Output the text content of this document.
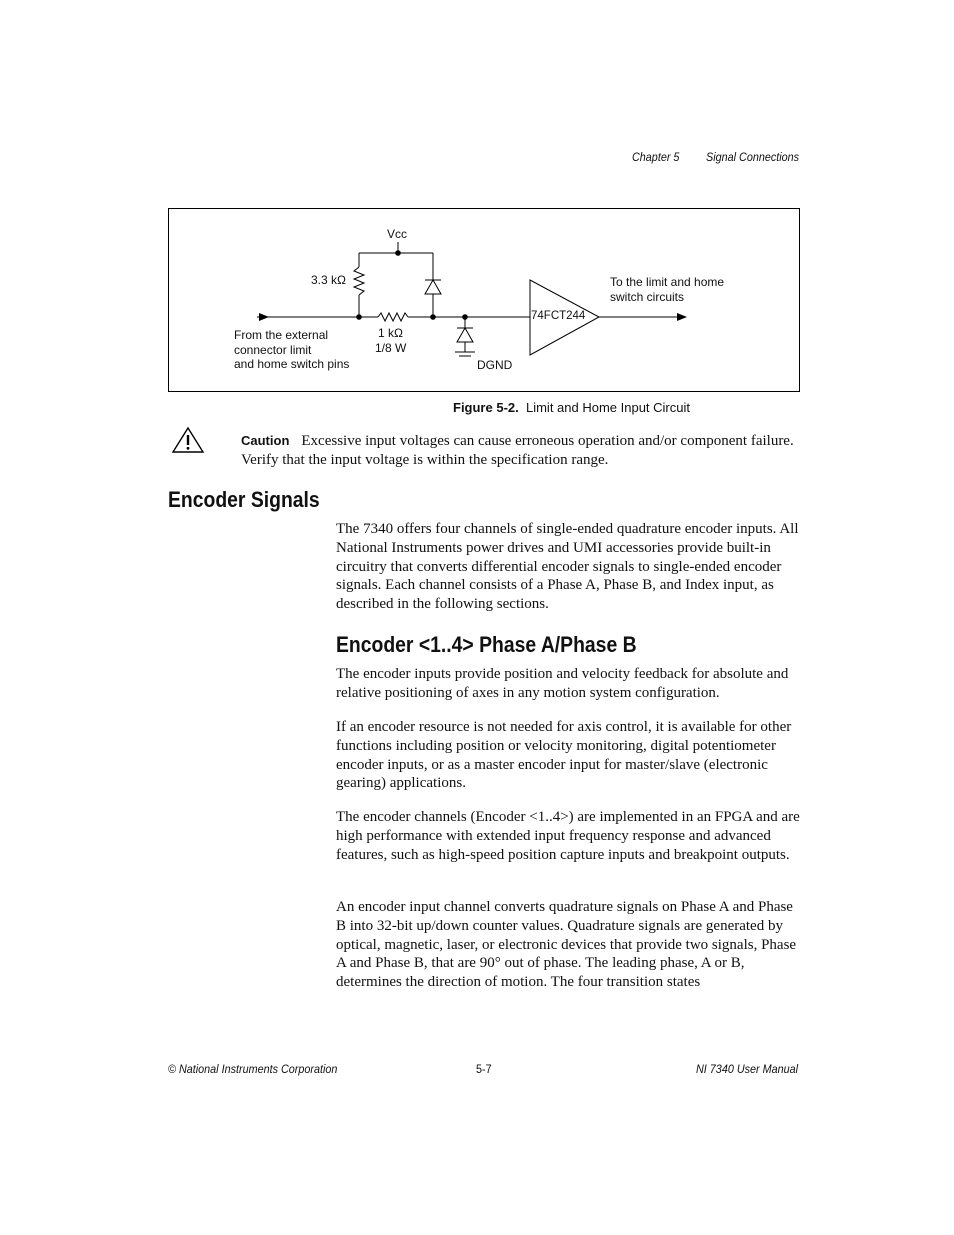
Chapter 5 Signal Connections
Vcc
3.3 kΩ
1 kΩ
1/8 W
DGND
74FCT244
To the limit and home
switch circuits
From the external
connector limit
and home switch pins
Figure 5-2. Limit and Home Input Circuit
Caution Excessive input voltages can cause erroneous operation and/or component failure. Verify that the input voltage is within the specification range.
Encoder Signals

The 7340 offers four channels of single-ended quadrature encoder inputs. All National Instruments power drives and UMI accessories provide built-in circuitry that converts differential encoder signals to single-ended encoder signals. Each channel consists of a Phase A, Phase B, and Index input, as described in the following sections.

Encoder <1..4> Phase A/Phase B

The encoder inputs provide position and velocity feedback for absolute and relative positioning of axes in any motion system configuration.

If an encoder resource is not needed for axis control, it is available for other functions including position or velocity monitoring, digital potentiometer encoder inputs, or as a master encoder input for master/slave (electronic gearing) applications.

The encoder channels (Encoder <1..4>) are implemented in an FPGA and are high performance with extended input frequency response and advanced features, such as high-speed position capture inputs and breakpoint outputs.

An encoder input channel converts quadrature signals on Phase A and Phase B into 32-bit up/down counter values. Quadrature signals are generated by optical, magnetic, laser, or electronic devices that provide two signals, Phase A and Phase B, that are 90° out of phase. The leading phase, A or B, determines the direction of motion. The four transition states

© National Instruments Corporation	5-7	NI 7340 User Manual
